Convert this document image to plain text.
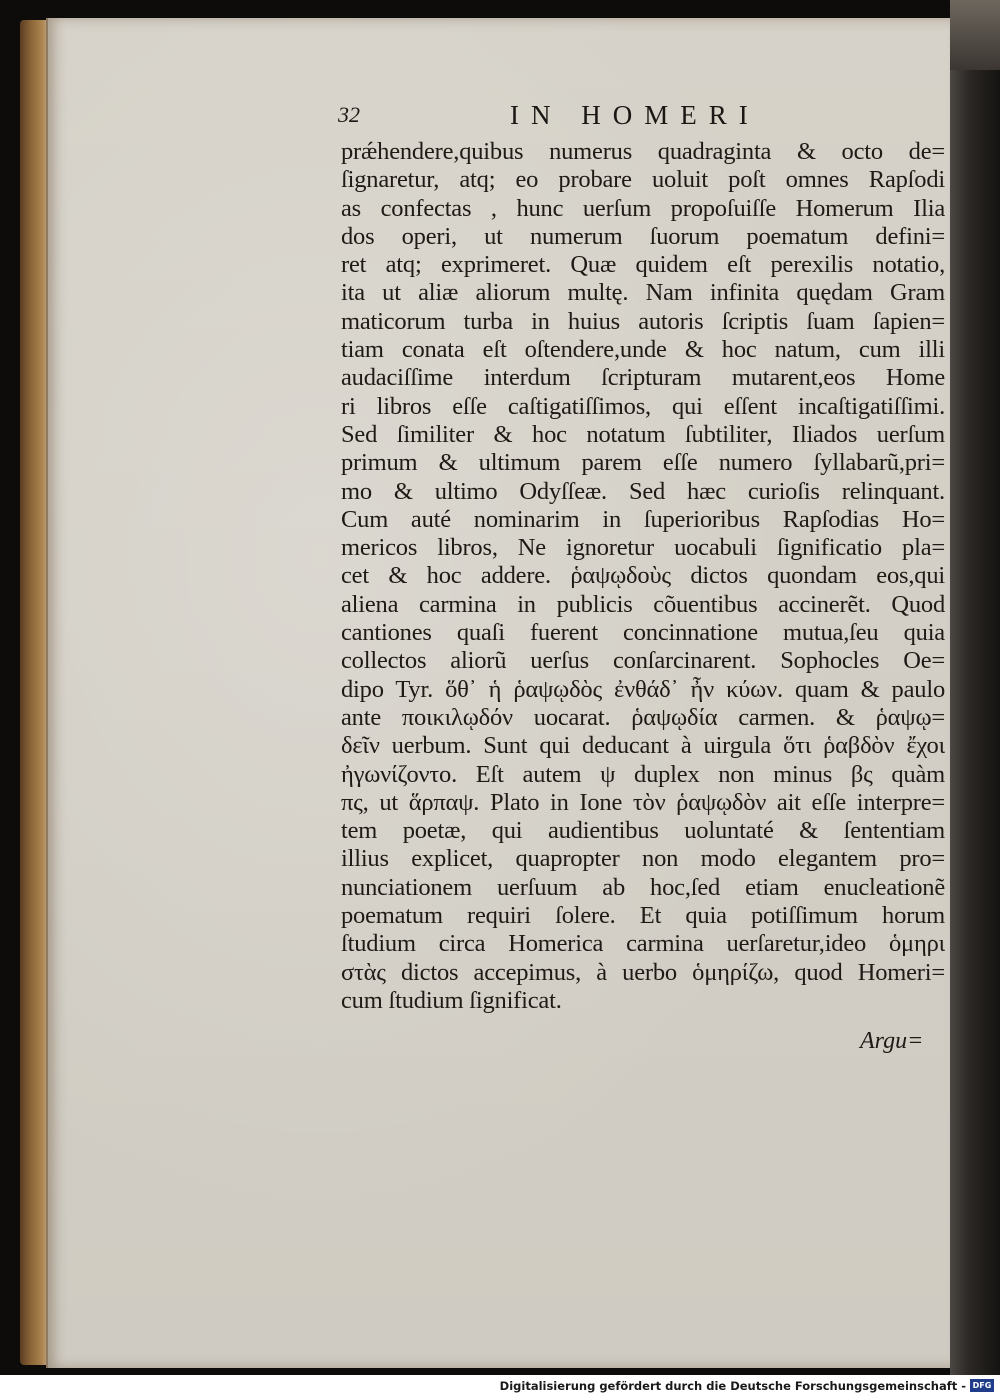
32	IN HOMERI
prǽhendere,quibus numerus quadraginta & octo de=
ſignaretur, atq; eo probare uoluit poſt omnes Rapſodi
as confectas , hunc uerſum propoſuiſſe Homerum Ilia
dos operi, ut numerum ſuorum poematum defini=
ret atq; exprimeret. Quæ quidem eſt perexilis notatio,
ita ut aliæ aliorum multę. Nam infinita quędam Gram
maticorum turba in huius autoris ſcriptis ſuam ſapien=
tiam conata eſt oſtendere,unde & hoc natum, cum illi
audaciſſime interdum ſcripturam mutarent,eos Home
ri libros eſſe caſtigatiſſimos, qui eſſent incaſtigatiſſimi.
Sed ſimiliter & hoc notatum ſubtiliter, Iliados uerſum
primum & ultimum parem eſſe numero ſyllabarũ,pri=
mo & ultimo Odyſſeæ. Sed hæc curioſis relinquant.
Cum auté nominarim in ſuperioribus Rapſodias Ho=
mericos libros, Ne ignoretur uocabuli ſignificatio pla=
cet & hoc addere. ῥαψῳδοὺς dictos quondam eos,qui
aliena carmina in publicis cõuentibus accinerẽt. Quod
cantiones quaſi fuerent concinnatione mutua,ſeu quia
collectos aliorũ uerſus conſarcinarent. Sophocles Oe=
dipo Tyr. ὅθ᾽ ἡ ῥαψῳδὸς ἐνθάδ᾽ ἦν κύων. quam & paulo
ante ποικιλῳδόν uocarat. ῥαψῳδία carmen. & ῥαψῳ=
δεῖν uerbum. Sunt qui deducant à uirgula ὅτι ῥαβδὸν ἔχοι
ἠγωνίζοντο. Eſt autem ψ duplex non minus βς quàm
πς, ut ἅρπαψ. Plato in Ione τὸν ῥαψῳδὸν ait eſſe interpre=
tem poetæ, qui audientibus uoluntaté & ſententiam
illius explicet, quapropter non modo elegantem pro=
nunciationem uerſuum ab hoc,ſed etiam enucleationẽ
poematum requiri ſolere. Et quia potiſſimum horum
ſtudium circa Homerica carmina uerſaretur,ideo ὁμηρι
στὰς dictos accepimus, à uerbo ὁμηρίζω, quod Homeri=
cum ſtudium ſignificat.
Argu=
Digitalisierung gefördert durch die Deutsche Forschungsgemeinschaft - DFG
